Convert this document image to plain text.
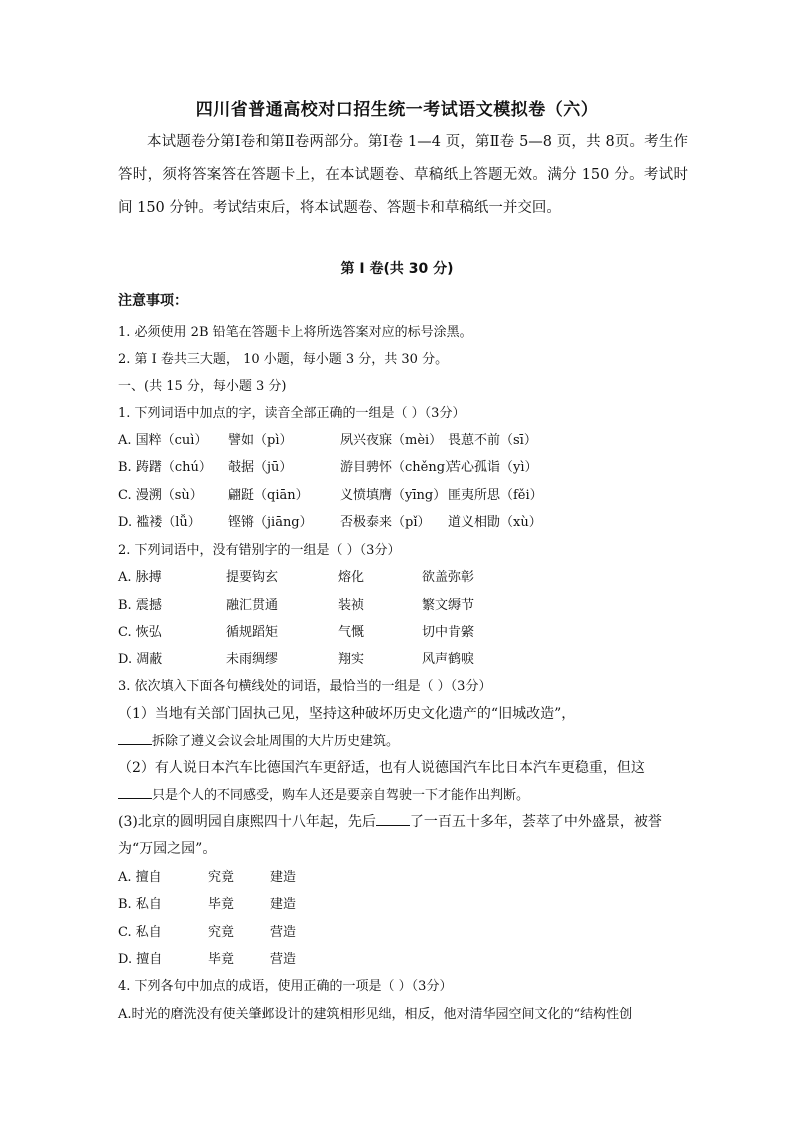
四川省普通高校对口招生统一考试语文模拟卷（六）
本试题卷分第Ⅰ卷和第Ⅱ卷两部分。第Ⅰ卷 1—4 页，第Ⅱ卷 5—8 页，共 8页。考生作答时，须将答案答在答题卡上，在本试题卷、草稿纸上答题无效。满分 150 分。考试时间 150 分钟。考试结束后，将本试题卷、答题卡和草稿纸一并交回。
第 Ⅰ 卷(共 30 分)
注意事项：
1. 必须使用 2B 铅笔在答题卡上将所选答案对应的标号涂黑。
2. 第 Ⅰ 卷共三大题， 10 小题，每小题 3 分，共 30 分。
一、(共 15 分，每小题 3 分)
1. 下列词语中加点的字，读音全部正确的一组是（ ）（3分）
A. 国粹（cuì） 譬如（pì）	夙兴夜寐（mèi） 畏葸不前（sī）
B. 踌躇（chú） 攲据（jū）	游目骋怀（chěng）苦心孤诣（yì）
C. 漫溯（sù） 翩跹（qiān） 义愤填膺（yīng） 匪夷所思（fěi）
D. 褴褛（lǚ） 铿锵（jiāng） 否极泰来（pǐ） 道义相勖（xù）
2. 下列词语中，没有错别字的一组是（ ）（3分）
A. 脉搏	提要钩玄	熔化	欲盖弥彰
B. 震撼	融汇贯通	装祯	繁文缛节
C. 恢弘	循规蹈矩	气慨	切中肯綮
D. 凋蔽	未雨绸缪	翔实	风声鹤唳
3. 依次填入下面各句横线处的词语，最恰当的一组是（ ）（3分）
（1）当地有关部门固执己见，坚持这种破坏历史文化遗产的“旧城改造”，
拆除了遵义会议会址周围的大片历史建筑。
（2）有人说日本汽车比德国汽车更舒适，也有人说德国汽车比日本汽车更稳重，但这
只是个人的不同感受，购车人还是要亲自驾驶一下才能作出判断。
(3)北京的圆明园自康熙四十八年起，先后 了一百五十多年，荟萃了中外盛景，被誉
为“万园之园”。
A. 擅自	究竟	建造
B. 私自	毕竟	建造
C. 私自	究竟	营造
D. 擅自	毕竟	营造
4. 下列各句中加点的成语，使用正确的一项是（ ）（3分）
A.时光的磨洗没有使关肇邺设计的建筑相形见绌，相反，他对清华园空间文化的“结构性创
